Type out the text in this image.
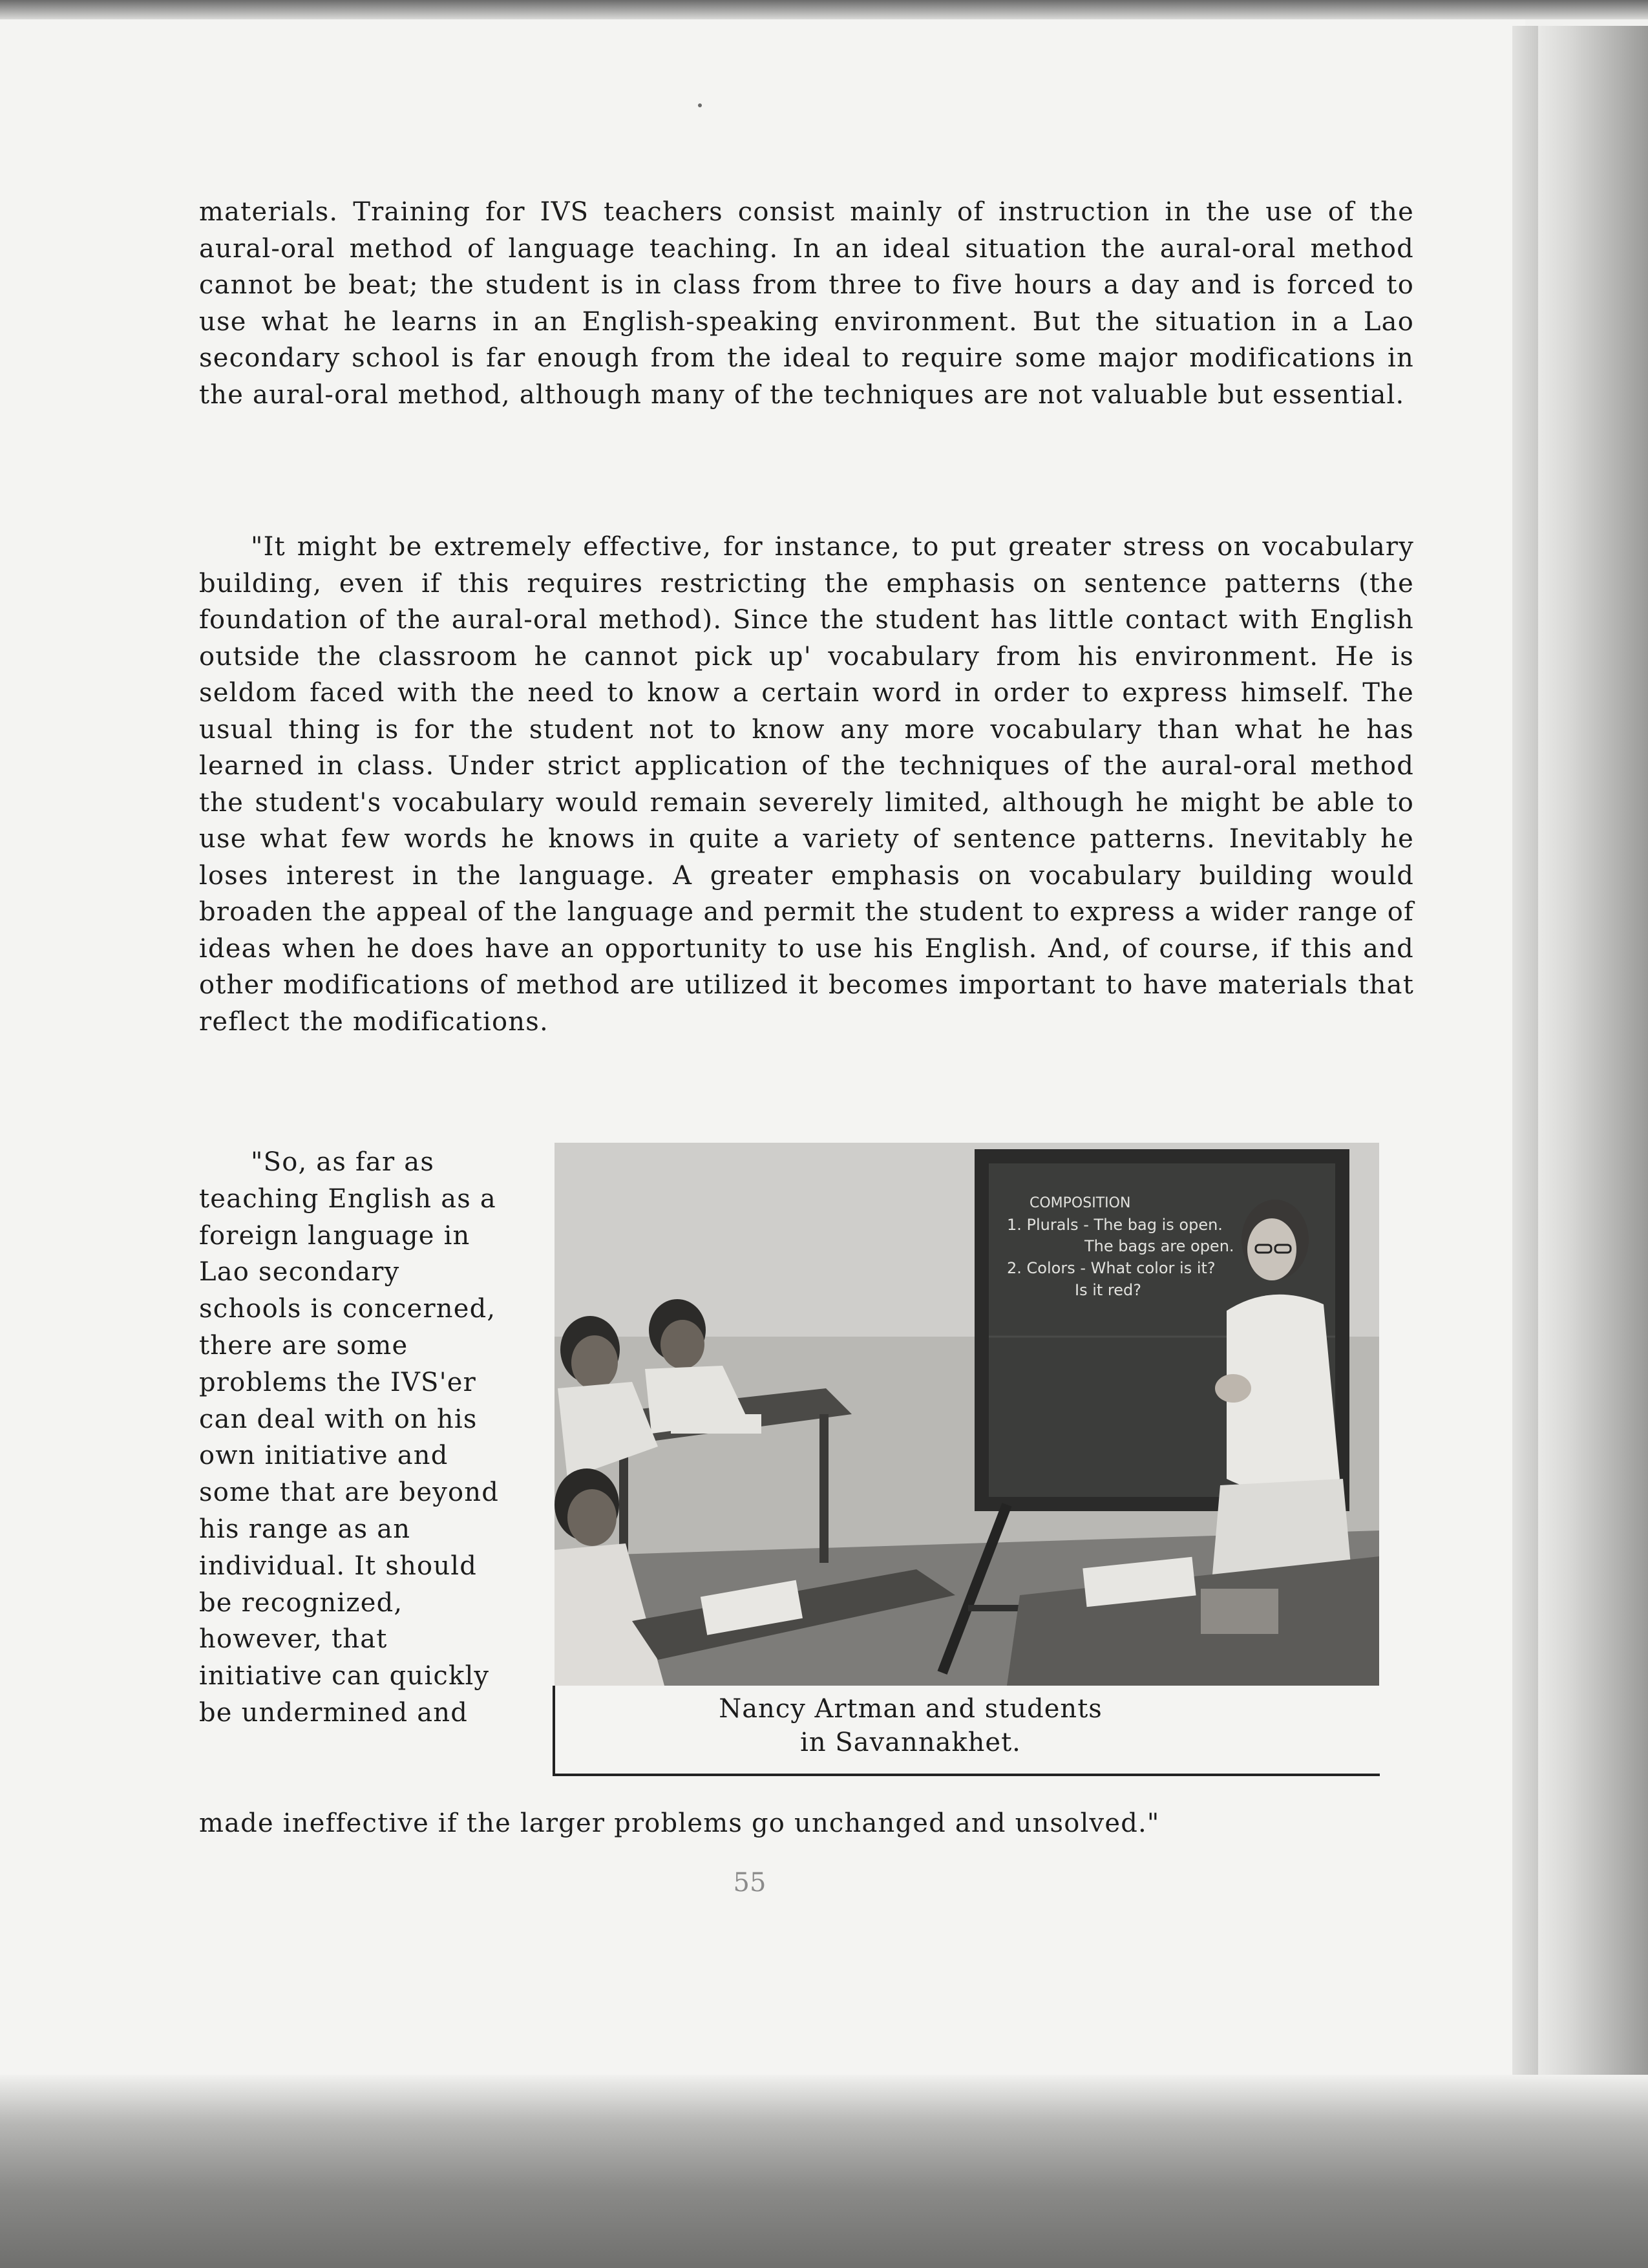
materials. Training for IVS teachers consist mainly of instruction in the use of the aural-oral method of language teaching. In an ideal situation the aural-oral method cannot be beat; the student is in class from three to five hours a day and is forced to use what he learns in an English-speaking environment. But the situation in a Lao secondary school is far enough from the ideal to require some major modifications in the aural-oral method, although many of the techniques are not valuable but essential.

"It might be extremely effective, for instance, to put greater stress on vocabulary building, even if this requires restricting the emphasis on sentence patterns (the foundation of the aural-oral method). Since the student has little contact with English outside the classroom he cannot pick up' vocabulary from his environment. He is seldom faced with the need to know a certain word in order to express himself. The usual thing is for the student not to know any more vocabulary than what he has learned in class. Under strict application of the techniques of the aural-oral method the student's vocabulary would remain severely limited, although he might be able to use what few words he knows in quite a variety of sentence patterns. Inevitably he loses interest in the language. A greater emphasis on vocabulary building would broaden the appeal of the language and permit the student to express a wider range of ideas when he does have an opportunity to use his English. And, of course, if this and other modifications of method are utilized it becomes important to have materials that reflect the modifications.

"So, as far as teaching English as a foreign language in Lao secondary schools is concerned, there are some problems the IVS'er can deal with on his own initiative and some that are beyond his range as an individual. It should be recognized, however, that initiative can quickly be undermined and

made ineffective if the larger problems go unchanged and unsolved."

COMPOSITION
1. Plurals - The bag is open.
The bags are open.
2. Colors - What color is it?
Is it red?
Nancy Artman and students
in Savannakhet.
55
